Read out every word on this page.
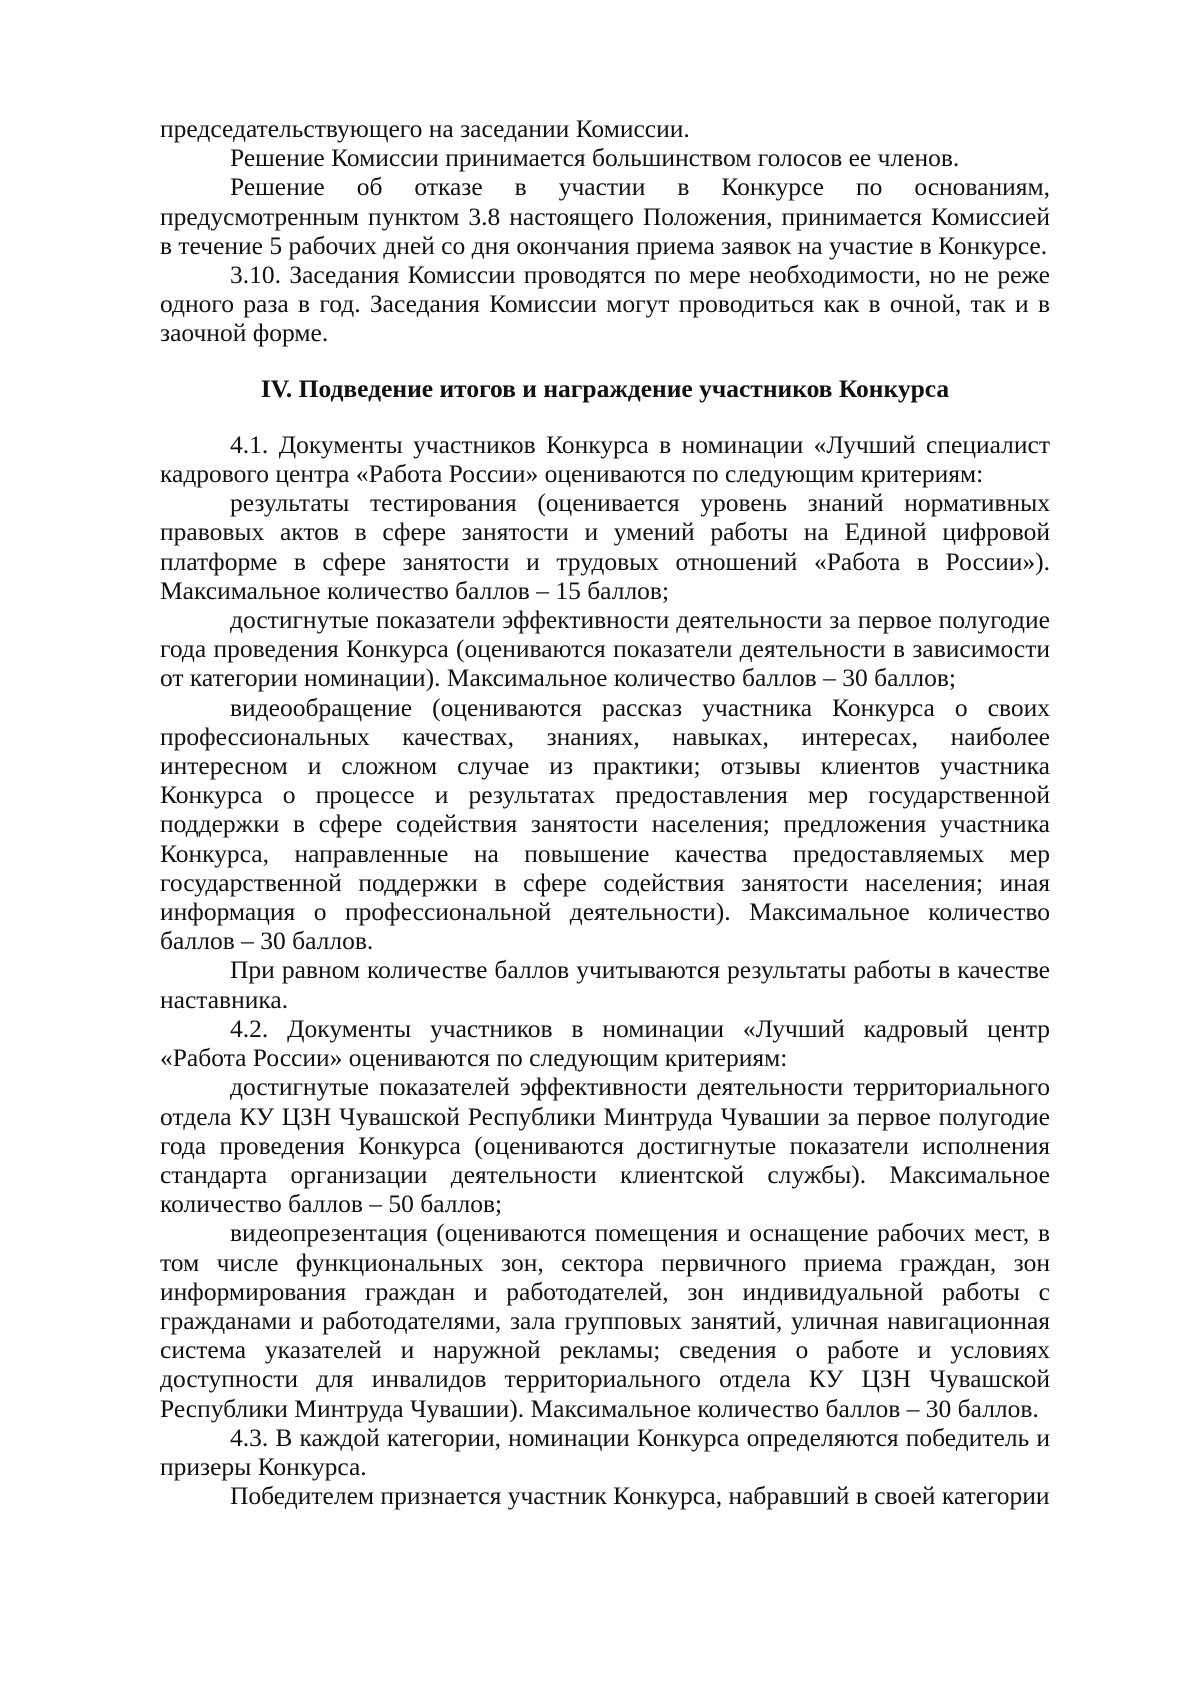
председательствующего на заседании Комиссии.

Решение Комиссии принимается большинством голосов ее членов.

Решение об отказе в участии в Конкурсе по основаниям, предусмотренным пунктом 3.8 настоящего Положения, принимается Комиссией в течение 5 рабочих дней со дня окончания приема заявок на участие в Конкурсе.

3.10. Заседания Комиссии проводятся по мере необходимости, но не реже одного раза в год. Заседания Комиссии могут проводиться как в очной, так и в заочной форме.

IV. Подведение итогов и награждение участников Конкурса

4.1. Документы участников Конкурса в номинации «Лучший специалист кадрового центра «Работа России» оцениваются по следующим критериям:

результаты тестирования (оценивается уровень знаний нормативных правовых актов в сфере занятости и умений работы на Единой цифровой платформе в сфере занятости и трудовых отношений «Работа в России»). Максимальное количество баллов – 15 баллов;

достигнутые показатели эффективности деятельности за первое полугодие года проведения Конкурса (оцениваются показатели деятельности в зависимости от категории номинации). Максимальное количество баллов – 30 баллов;

видеообращение (оцениваются рассказ участника Конкурса о своих профессиональных качествах, знаниях, навыках, интересах, наиболее интересном и сложном случае из практики; отзывы клиентов участника Конкурса о процессе и результатах предоставления мер государственной поддержки в сфере содействия занятости населения; предложения участника Конкурса, направленные на повышение качества предоставляемых мер государственной поддержки в сфере содействия занятости населения; иная информация о профессиональной деятельности). Максимальное количество баллов – 30 баллов.

При равном количестве баллов учитываются результаты работы в качестве наставника.

4.2. Документы участников в номинации «Лучший кадровый центр «Работа России» оцениваются по следующим критериям:

достигнутые показателей эффективности деятельности территориального отдела КУ ЦЗН Чувашской Республики Минтруда Чувашии за первое полугодие года проведения Конкурса (оцениваются достигнутые показатели исполнения стандарта организации деятельности клиентской службы). Максимальное количество баллов – 50 баллов;

видеопрезентация (оцениваются помещения и оснащение рабочих мест, в том числе функциональных зон, сектора первичного приема граждан, зон информирования граждан и работодателей, зон индивидуальной работы с гражданами и работодателями, зала групповых занятий, уличная навигационная система указателей и наружной рекламы; сведения о работе и условиях доступности для инвалидов территориального отдела КУ ЦЗН Чувашской Республики Минтруда Чувашии). Максимальное количество баллов – 30 баллов.

4.3. В каждой категории, номинации Конкурса определяются победитель и призеры Конкурса.

Победителем признается участник Конкурса, набравший в своей категории
